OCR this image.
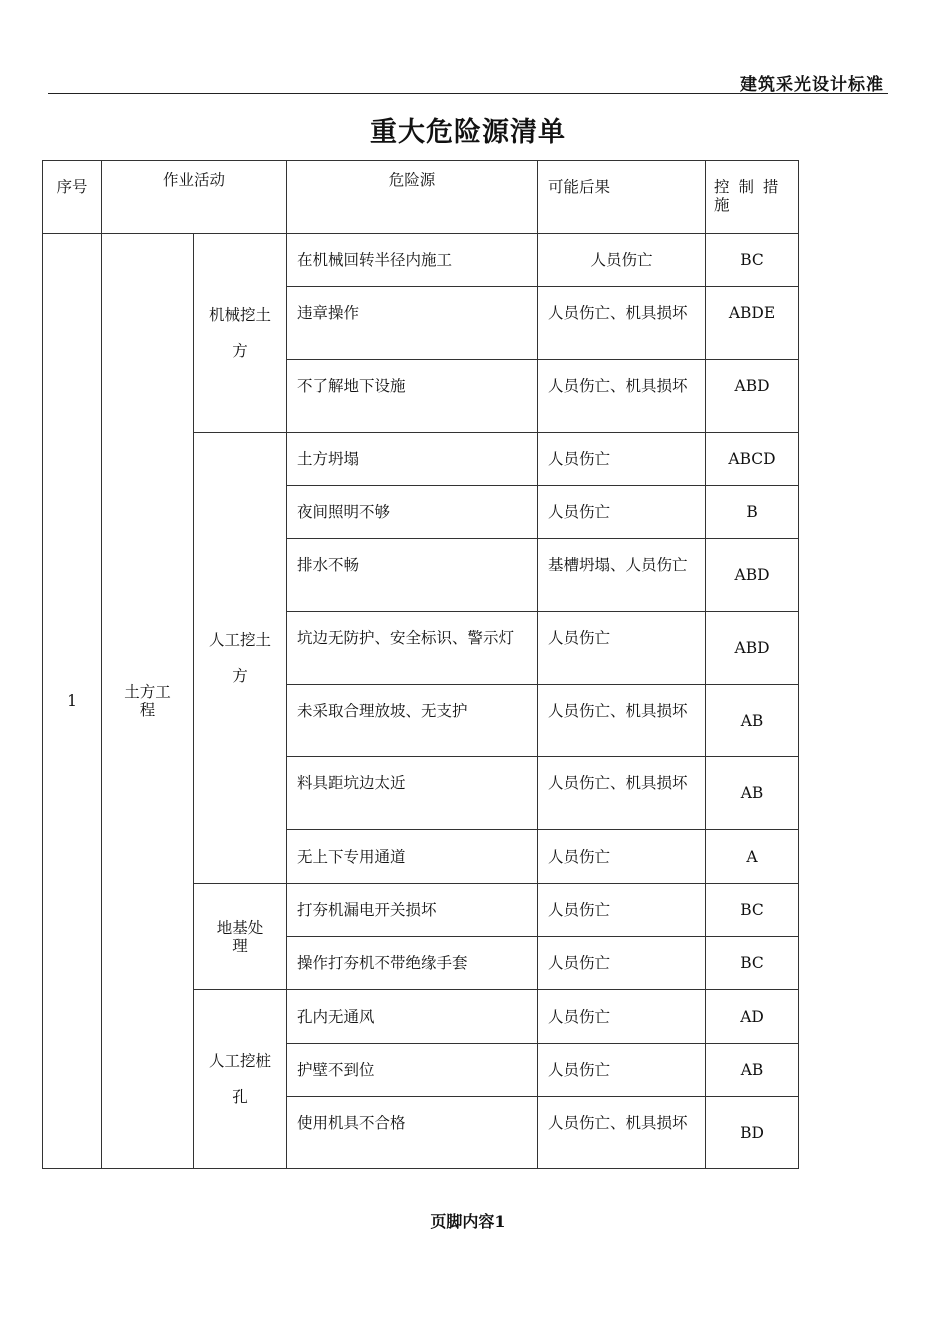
建筑采光设计标准
重大危险源清单
序号	作业活动		危险源	可能后果	控 制 措 施
1	土方工程	机械挖土方	在机械回转半径内施工	人员伤亡	BC
			违章操作	人员伤亡、机具损坏	ABDE
			不了解地下设施	人员伤亡、机具损坏	ABD
		人工挖土 方	土方坍塌	人员伤亡	ABCD
			夜间照明不够	人员伤亡	B
			排水不畅	基槽坍塌、人员伤亡	ABD
			坑边无防护、安全标识、警示灯	人员伤亡	ABD
			未采取合理放坡、无支护	人员伤亡、机具损坏	AB
			料具距坑边太近	人员伤亡、机具损坏	AB
			无上下专用通道	人员伤亡	A
		地基处理	打夯机漏电开关损坏	人员伤亡	BC
			操作打夯机不带绝缘手套	人员伤亡	BC
		人工挖桩 孔	孔内无通风	人员伤亡	AD
			护壁不到位	人员伤亡	AB
			使用机具不合格	人员伤亡、机具损坏	BD
页脚内容1
